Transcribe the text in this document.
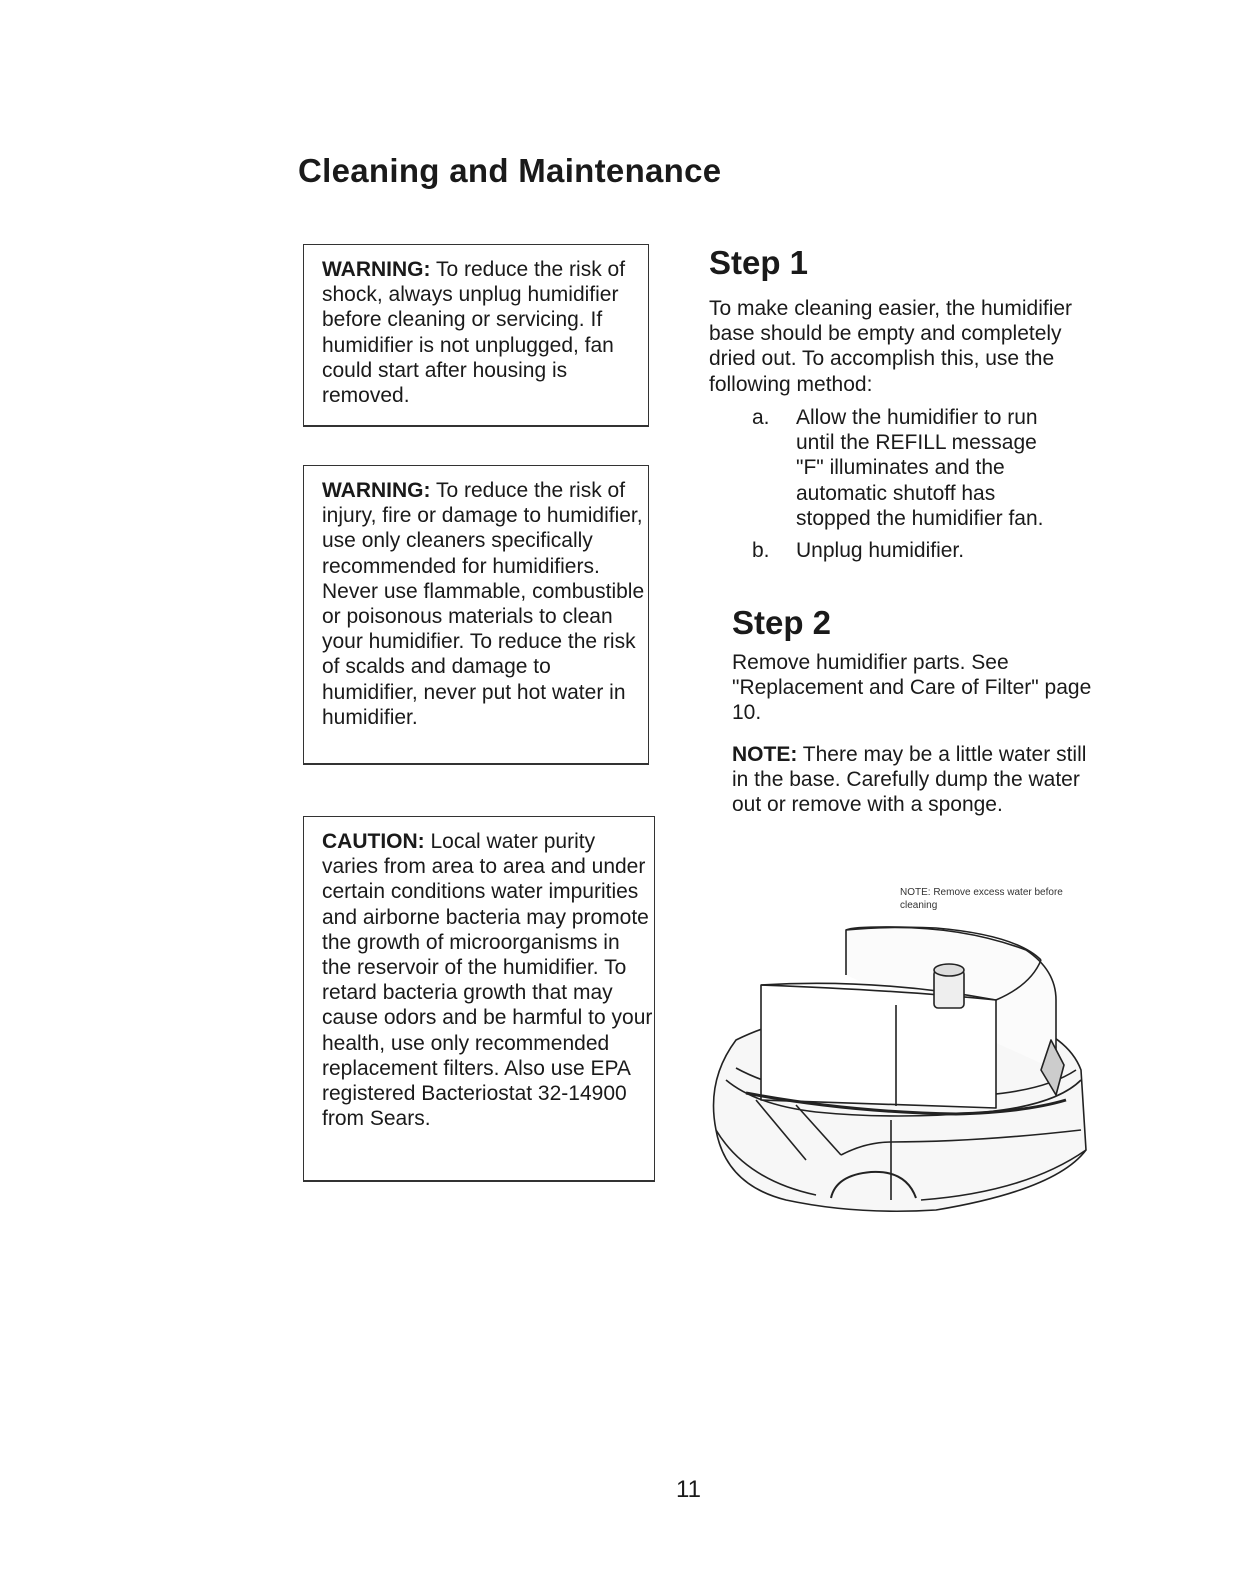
Cleaning and Maintenance
WARNING: To reduce the risk of shock, always unplug humidifier before cleaning or servicing. If humidifier is not unplugged, fan could start after housing is removed.
WARNING: To reduce the risk of injury, fire or damage to humidifier, use only cleaners specifically recommended for humidifiers. Never use flammable, combustible or poisonous materials to clean your humidifier. To reduce the risk of scalds and damage to humidifier, never put hot water in humidifier.
CAUTION: Local water purity varies from area to area and under certain conditions water impurities and airborne bacteria may promote the growth of microorganisms in the reservoir of the humidifier. To retard bacteria growth that may cause odors and be harmful to your health, use only recommended replacement filters. Also use EPA registered Bacteriostat 32-14900 from Sears.
Step 1

To make cleaning easier, the humidifier base should be empty and completely dried out. To accomplish this, use the following method:

a. Allow the humidifier to run until the REFILL message "F" illuminates and the automatic shutoff has stopped the humidifier fan.
b. Unplug humidifier.
Step 2

Remove humidifier parts. See "Replacement and Care of Filter" page 10.

NOTE: There may be a little water still in the base. Carefully dump the water out or remove with a sponge.

NOTE: Remove excess water before cleaning
11
